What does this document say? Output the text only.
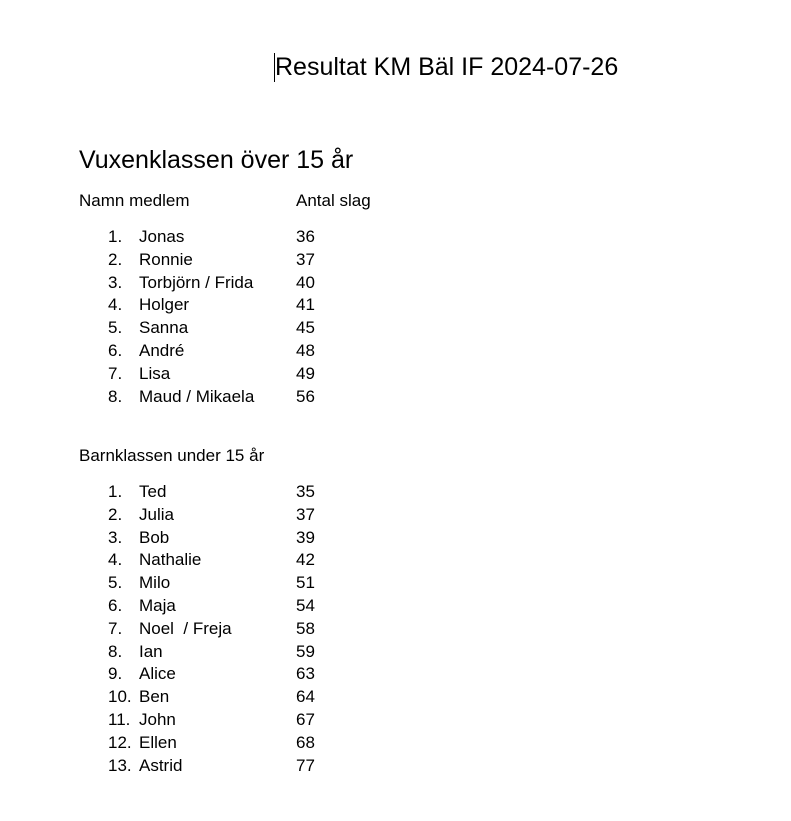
Resultat KM Bäl IF 2024-07-26
Vuxenklassen över 15 år
Namn medlem	Antal slag
1. Jonas	36
2. Ronnie	37
3. Torbjörn / Frida	40
4. Holger	41
5. Sanna	45
6. André	48
7. Lisa	49
8. Maud / Mikaela 56
Barnklassen under 15 år
1. Ted	35
2. Julia	37
3. Bob	39
4. Nathalie	42
5. Milo	51
6. Maja	54
7. Noel  / Freja	58
8. Ian	59
9. Alice	63
10. Ben	64
11. John	67
12. Ellen	68
13. Astrid	77
